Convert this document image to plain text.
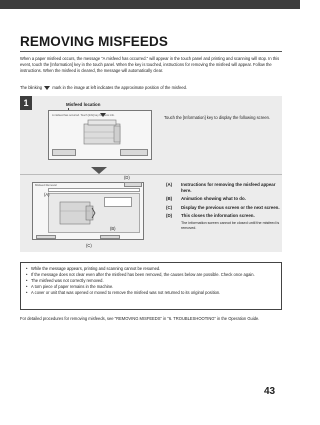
REMOVING MISFEEDS

When a paper misfeed occurs, the message "A misfeed has occurred." will appear in the touch panel and printing and scanning will stop. In this event, touch the [Information] key in the touch panel. When the key is touched, instructions for removing the misfeed will appear. Follow the instructions. When the misfeed is cleared, the message will automatically clear.

The blinking	mark in the image at left indicates the approximate position of the misfeed.

1	Misfeed location
A misfeed has occurred. Touch [Info] key for more info.	Touch the [Information] key to display the following screen.
Misfeed Removal
(A)
(D)
(B)
(C)
(A)	Instructions for removing the misfeed appear here.
(B)	Animation showing what to do.
(C)	Display the previous screen or the next screen.
(D)	This closes the information screen.
The information screen cannot be closed until the misfeed is removed.
• While the message appears, printing and scanning cannot be resumed.
• If the message does not clear even after the misfeed has been removed, the causes below are possible. Check once again.
• The misfeed was not correctly removed.
• A torn piece of paper remains in the machine.
• A cover or unit that was opened or moved to remove the misfeed was not returned to its original position.

For detailed procedures for removing misfeeds, see "REMOVING MISFEEDS" in "6. TROUBLESHOOTING" in the Operation Guide.

43
